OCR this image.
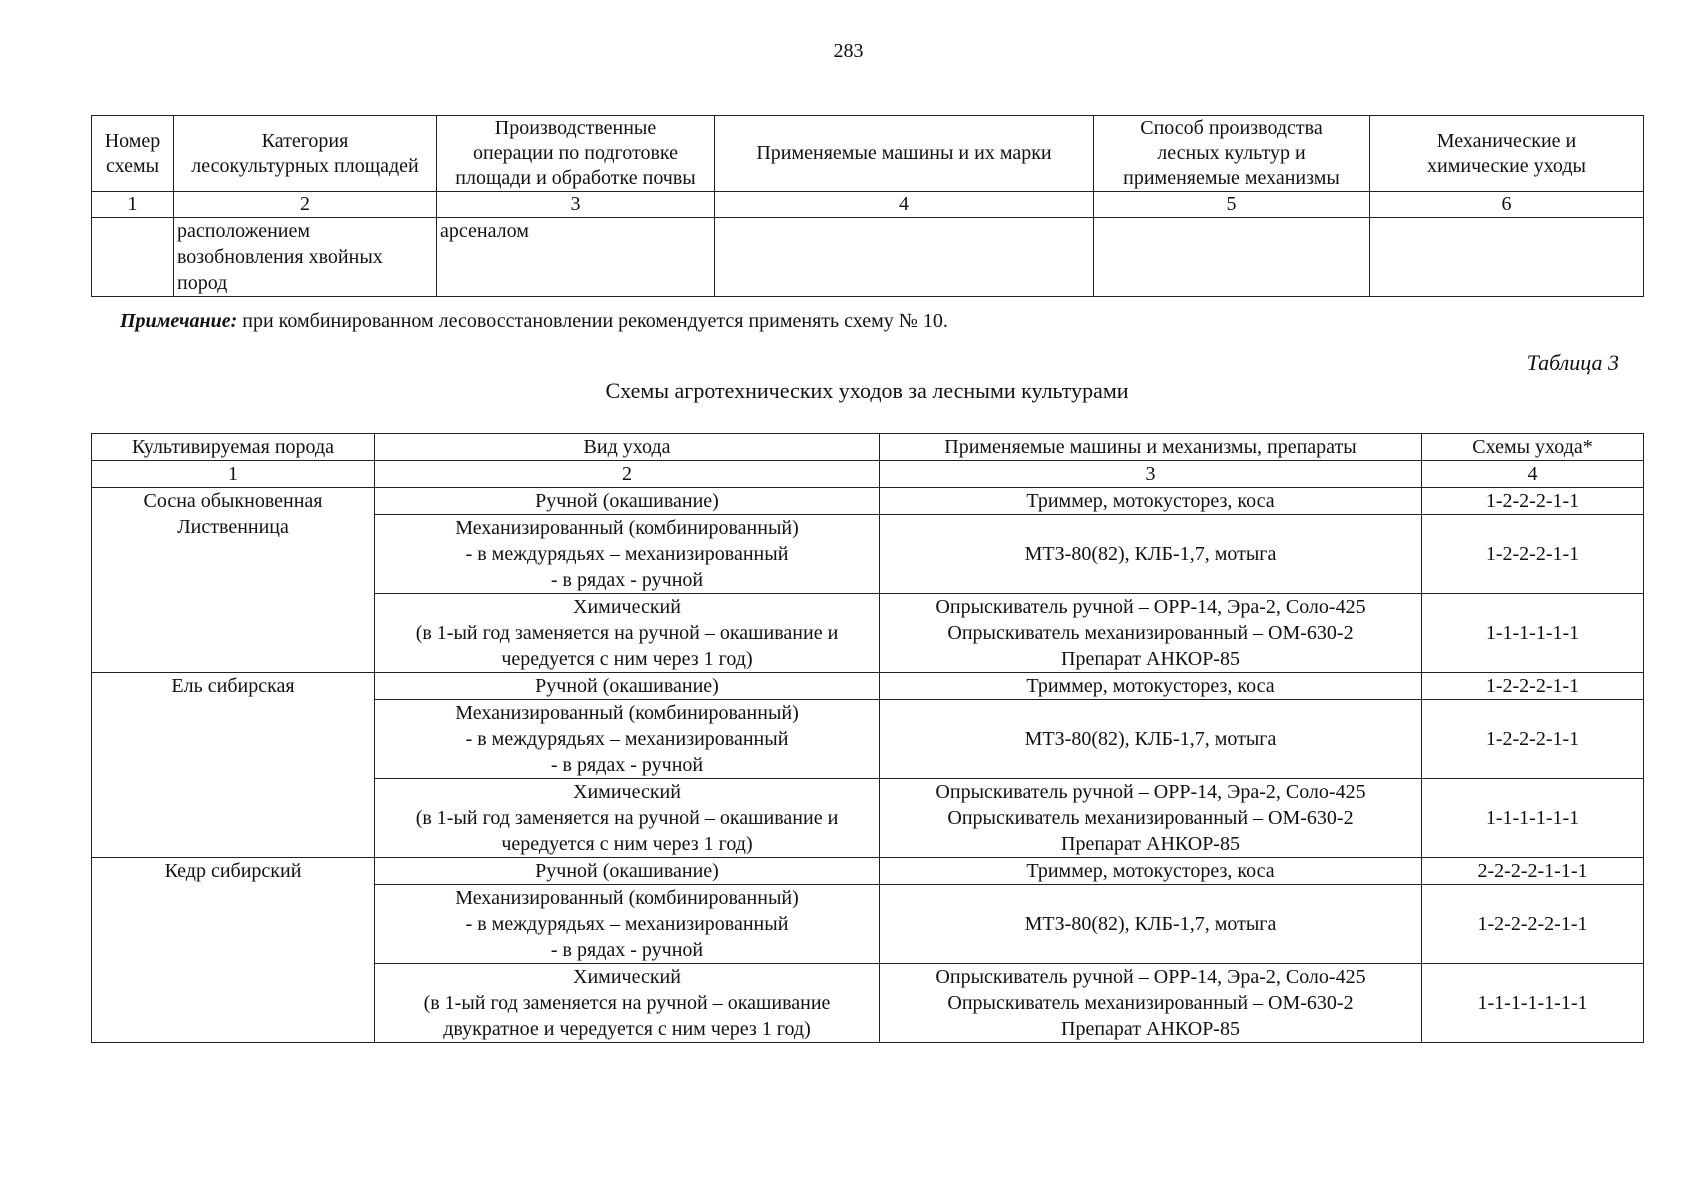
283
Номер
схемы	Категория
лесокультурных площадей	Производственные
операции по подготовке
площади и обработке почвы	Применяемые машины и их марки	Способ производства
лесных культур и
применяемые механизмы	Механические и
химические уходы

1	2	3	4	5	6

	расположением
возобновления хвойных
пород	арсеналом			
Примечание: при комбинированном лесовосстановлении рекомендуется применять схему № 10.
Таблица 3
Схемы агротехнических уходов за лесными культурами
Культивируемая порода	Вид ухода	Применяемые машины и механизмы, препараты	Схемы ухода*
1	2	3	4

Сосна обыкновенная
Лиственница	Ручной (окашивание)	Триммер, мотокусторез, коса	1-2-2-2-1-1

	Механизированный (комбинированный)
- в междурядьях – механизированный
- в рядах - ручной	МТЗ-80(82), КЛБ-1,7, мотыга	1-2-2-2-1-1

	Химический
(в 1-ый год заменяется на ручной – окашивание и
чередуется с ним через 1 год)	Опрыскиватель ручной – ОРР-14, Эра-2, Соло-425
Опрыскиватель механизированный – ОМ-630-2
Препарат АНКОР-85	1-1-1-1-1-1

Ель сибирская	Ручной (окашивание)	Триммер, мотокусторез, коса	1-2-2-2-1-1

	Механизированный (комбинированный)
- в междурядьях – механизированный
- в рядах - ручной	МТЗ-80(82), КЛБ-1,7, мотыга	1-2-2-2-1-1

	Химический
(в 1-ый год заменяется на ручной – окашивание и
чередуется с ним через 1 год)	Опрыскиватель ручной – ОРР-14, Эра-2, Соло-425
Опрыскиватель механизированный – ОМ-630-2
Препарат АНКОР-85	1-1-1-1-1-1

Кедр сибирский	Ручной (окашивание)	Триммер, мотокусторез, коса	2-2-2-2-1-1-1

	Механизированный (комбинированный)
- в междурядьях – механизированный
- в рядах - ручной	МТЗ-80(82), КЛБ-1,7, мотыга	1-2-2-2-2-1-1

	Химический
(в 1-ый год заменяется на ручной – окашивание
двукратное и чередуется с ним через 1 год)	Опрыскиватель ручной – ОРР-14, Эра-2, Соло-425
Опрыскиватель механизированный – ОМ-630-2
Препарат АНКОР-85	1-1-1-1-1-1-1
